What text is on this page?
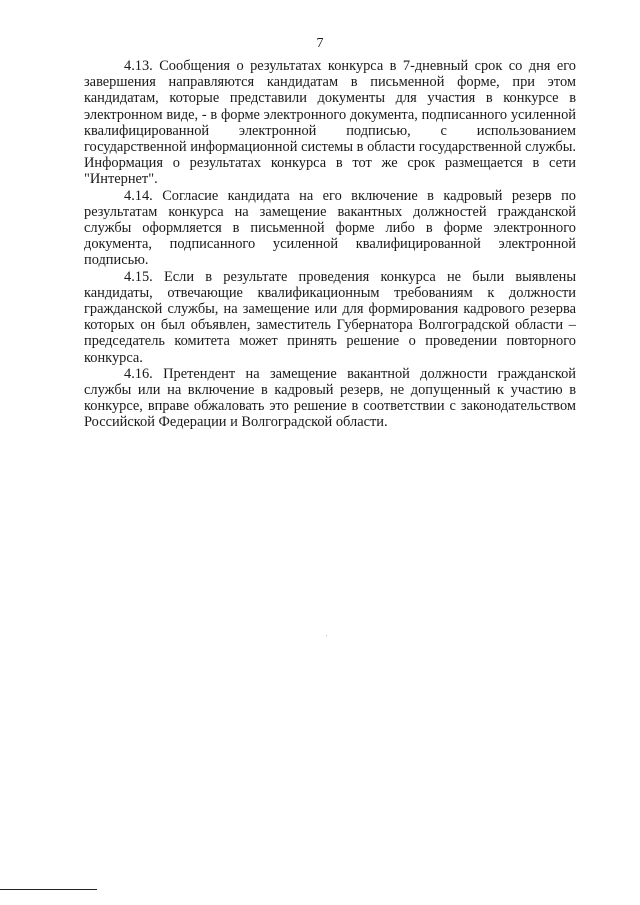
7

4.13. Сообщения о результатах конкурса в 7-дневный срок со дня его завершения направляются кандидатам в письменной форме, при этом кандидатам, которые представили документы для участия в конкурсе в электронном виде, - в форме электронного документа, подписанного усиленной квалифицированной электронной подписью, с использованием государственной информационной системы в области государственной службы. Информация о результатах конкурса в тот же срок размещается в сети "Интернет".

4.14. Согласие кандидата на его включение в кадровый резерв по результатам конкурса на замещение вакантных должностей гражданской службы оформляется в письменной форме либо в форме электронного документа, подписанного усиленной квалифицированной электронной подписью.

4.15. Если в результате проведения конкурса не были выявлены кандидаты, отвечающие квалификационным требованиям к должности гражданской службы, на замещение или для формирования кадрового резерва которых он был объявлен, заместитель Губернатора Волгоградской области – председатель комитета может принять решение о проведении повторного конкурса.

4.16. Претендент на замещение вакантной должности гражданской службы или на включение в кадровый резерв, не допущенный к участию в конкурсе, вправе обжаловать это решение в соответствии с законодательством Российской Федерации и Волгоградской области.
